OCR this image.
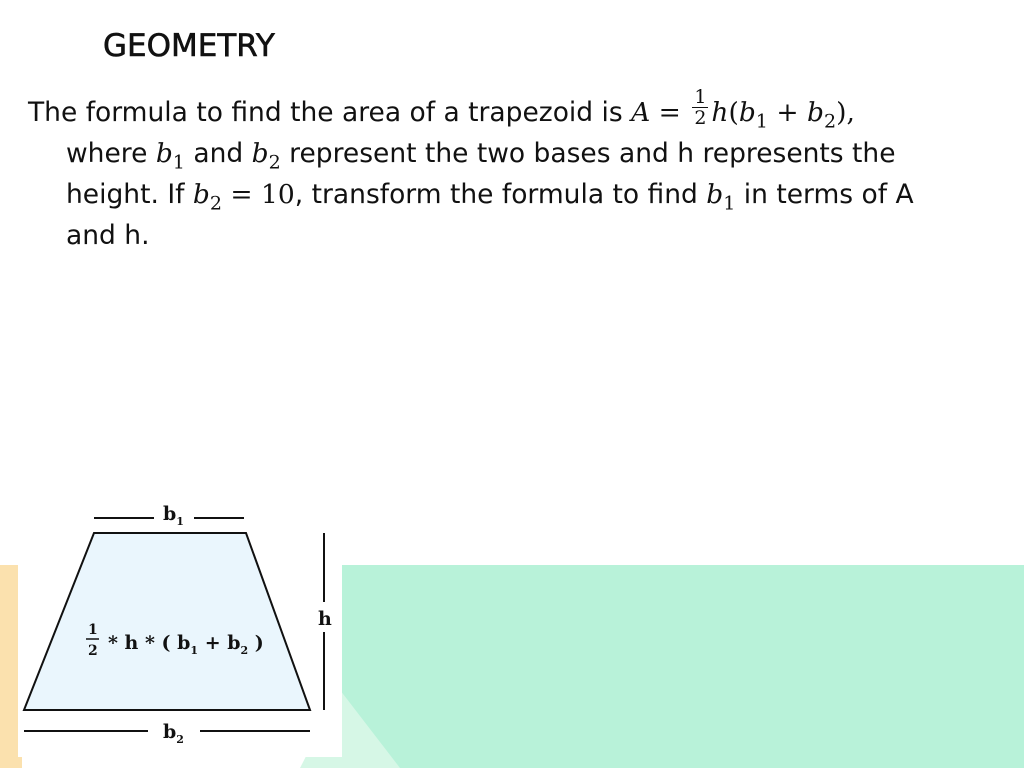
GEOMETRY
The formula to find the area of a trapezoid is $A = \frac{1}{2} h(b_1 + b_2)$,
where $b_1$ and $b_2$ represent the two bases and h represents the
height. If $b_2 = 10$, transform the formula to find $b_1$ in terms of A
and h.
$b_1$
$b_2$
h
1
2 * h * ( $b_1 + b_2$ )
